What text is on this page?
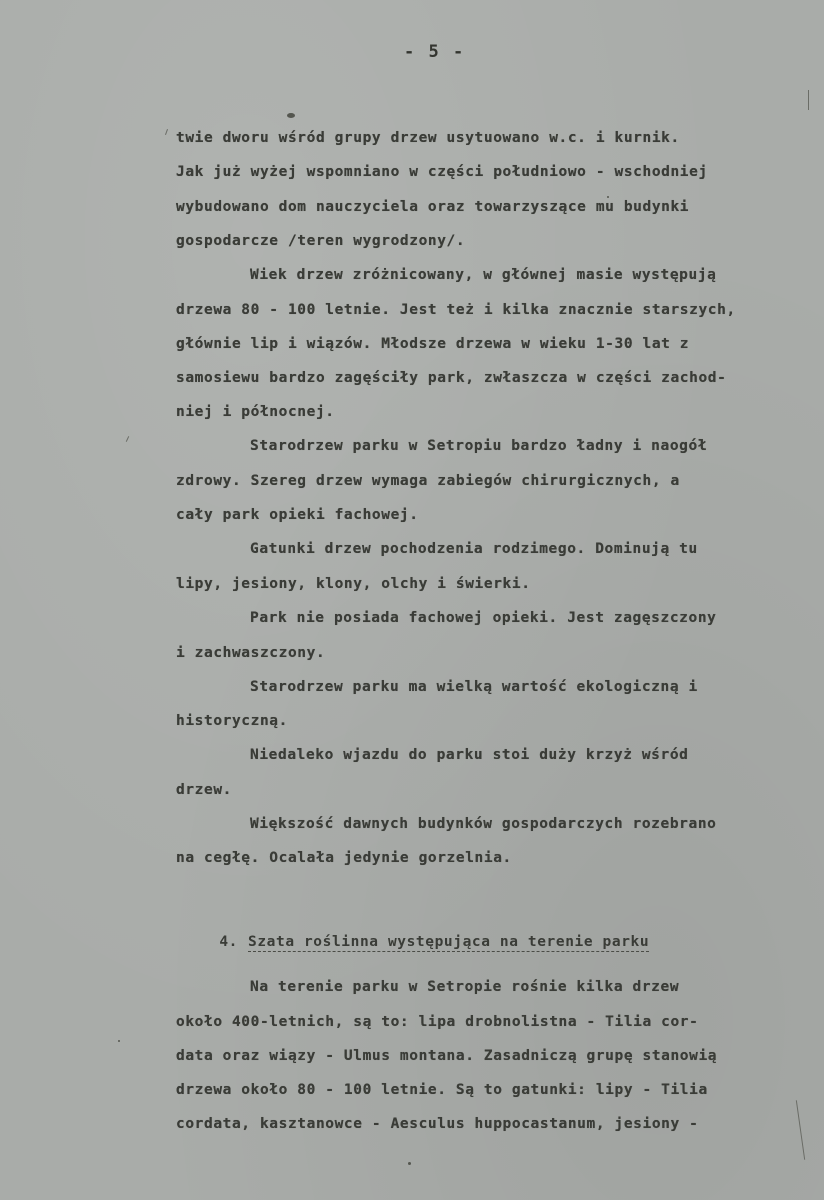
- 5 -
twie dworu wśród grupy drzew usytuowano w.c. i kurnik.
Jak już wyżej wspomniano w części południowo - wschodniej
wybudowano dom nauczyciela oraz towarzyszące mu budynki
gospodarcze /teren wygrodzony/.
Wiek drzew zróżnicowany, w głównej masie występują
drzewa 80 - 100 letnie. Jest też i kilka znacznie starszych,
głównie lip i wiązów. Młodsze drzewa w wieku 1-30 lat z
samosiewu bardzo zagęściły park, zwłaszcza w części zachod-
niej i północnej.
Starodrzew parku w Setropiu bardzo ładny i naogół
zdrowy. Szereg drzew wymaga zabiegów chirurgicznych, a
cały park opieki fachowej.
Gatunki drzew pochodzenia rodzimego. Dominują tu
lipy, jesiony, klony, olchy i świerki.
Park nie posiada fachowej opieki. Jest zagęszczony
i zachwaszczony.
Starodrzew parku ma wielką wartość ekologiczną i
historyczną.
Niedaleko wjazdu do parku stoi duży krzyż wśród
drzew.
Większość dawnych budynków gospodarczych rozebrano
na cegłę. Ocalała jedynie gorzelnia.

4. Szata roślinna występująca na terenie parku

Na terenie parku w Setropie rośnie kilka drzew
około 400-letnich, są to: lipa drobnolistna - Tilia cor-
data oraz wiązy - Ulmus montana. Zasadniczą grupę stanowią
drzewa około 80 - 100 letnie. Są to gatunki: lipy - Tilia
cordata, kasztanowce - Aesculus huppocastanum, jesiony -
